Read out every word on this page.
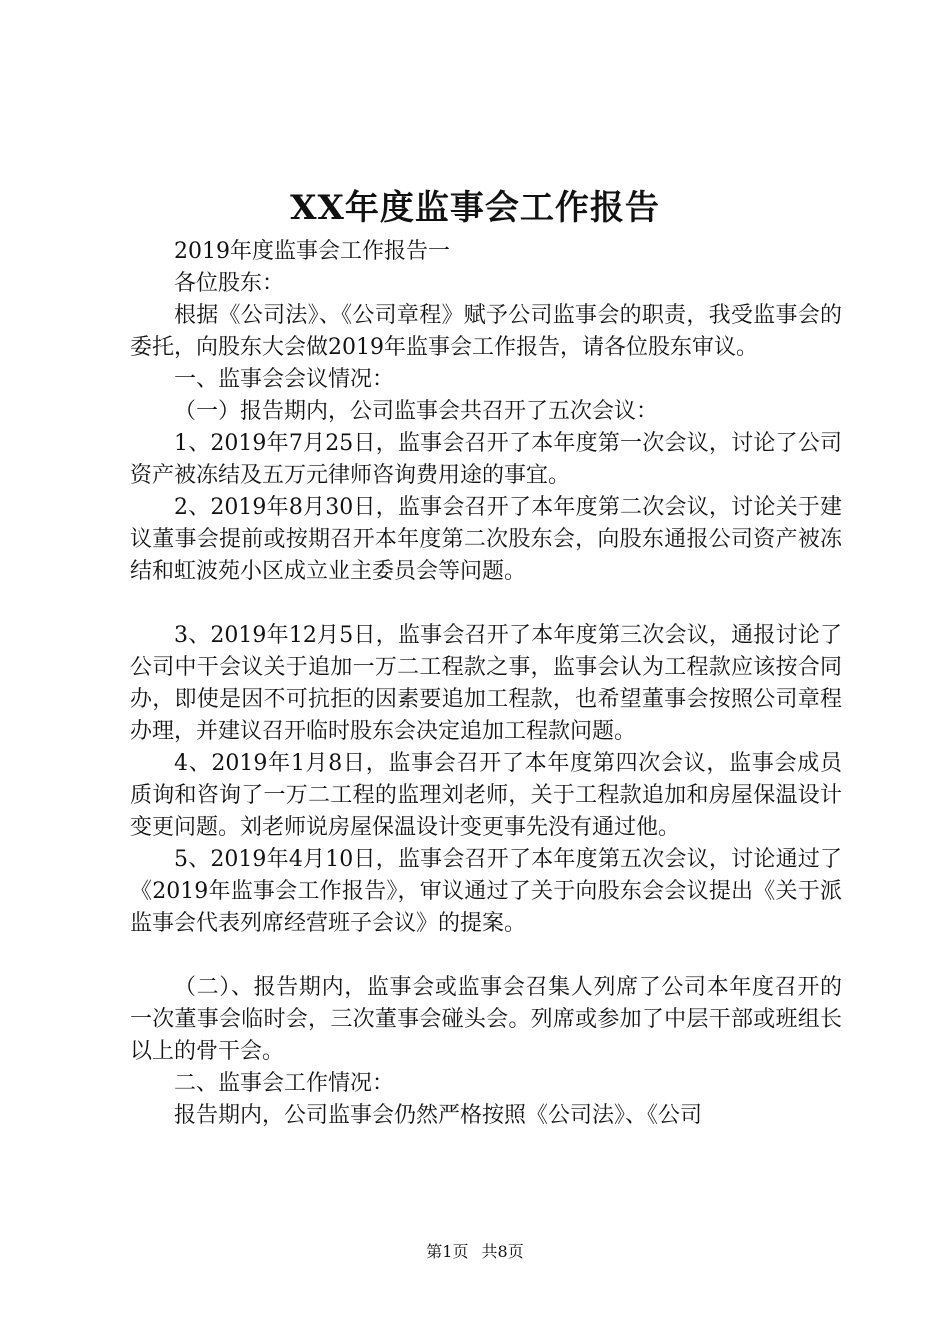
XX年度监事会工作报告

2019年度监事会工作报告一

各位股东：

根据《公司法》、《公司章程》赋予公司监事会的职责，我受监事会的委托，向股东大会做2019年监事会工作报告，请各位股东审议。

一、监事会会议情况：

（一）报告期内，公司监事会共召开了五次会议：

1、2019年7月25日，监事会召开了本年度第一次会议，讨论了公司资产被冻结及五万元律师咨询费用途的事宜。

2、2019年8月30日，监事会召开了本年度第二次会议，讨论关于建议董事会提前或按期召开本年度第二次股东会，向股东通报公司资产被冻结和虹波苑小区成立业主委员会等问题。

3、2019年12月5日，监事会召开了本年度第三次会议，通报讨论了公司中干会议关于追加一万二工程款之事，监事会认为工程款应该按合同办，即使是因不可抗拒的因素要追加工程款，也希望董事会按照公司章程办理，并建议召开临时股东会决定追加工程款问题。

4、2019年1月8日，监事会召开了本年度第四次会议，监事会成员质询和咨询了一万二工程的监理刘老师，关于工程款追加和房屋保温设计变更问题。刘老师说房屋保温设计变更事先没有通过他。

5、2019年4月10日，监事会召开了本年度第五次会议，讨论通过了《2019年监事会工作报告》，审议通过了关于向股东会会议提出《关于派监事会代表列席经营班子会议》的提案。

（二）、报告期内，监事会或监事会召集人列席了公司本年度召开的一次董事会临时会，三次董事会碰头会。列席或参加了中层干部或班组长以上的骨干会。

二、监事会工作情况：

报告期内，公司监事会仍然严格按照《公司法》、《公司

第1页 共8页
